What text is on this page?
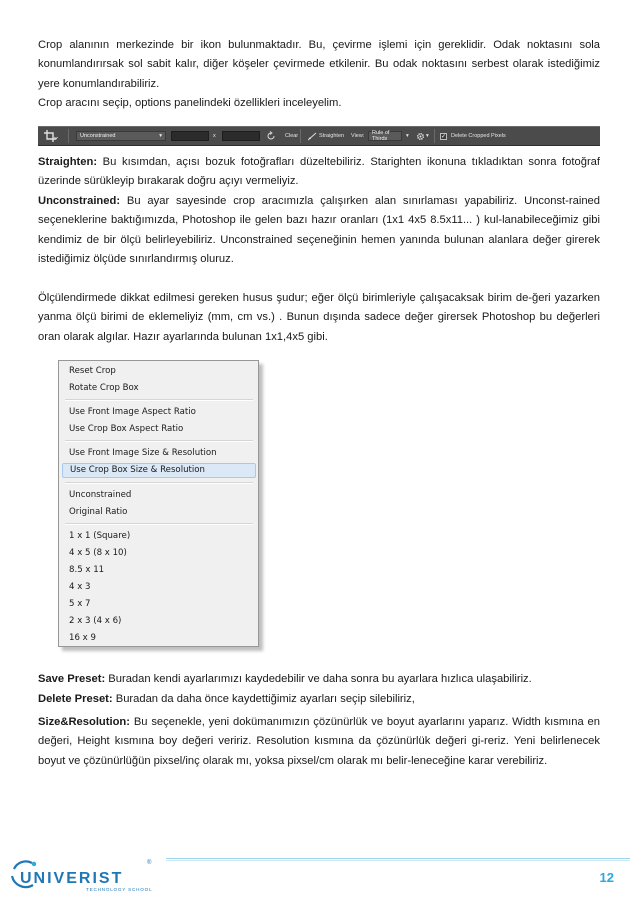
Crop alanının merkezinde bir ikon bulunmaktadır. Bu, çevirme işlemi için gereklidir. Odak noktasını sola konumlandırırsak sol sabit kalır, diğer köşeler çevirmede etkilenir. Bu odak noktasını serbest olarak istediğimiz yere konumlandırabiliriz.
Crop aracını seçip, options panelindeki özellikleri inceleyelim.
Unconstrained	▾	x	Clear	Straighten View: Rule of Thirds	▾	▾ ✓ Delete Cropped Pixels
Straighten: Bu kısımdan, açısı bozuk fotoğrafları düzeltebiliriz. Starighten ikonuna tıkladıktan sonra fotoğraf üzerinde sürükleyip bırakarak doğru açıyı vermeliyiz.
Unconstrained: Bu ayar sayesinde crop aracımızla çalışırken alan sınırlaması yapabiliriz. Unconst-rained seçeneklerine baktığımızda, Photoshop ile gelen bazı hazır oranları (1x1 4x5 8.5x11... ) kul-lanabileceğimiz gibi kendimiz de bir ölçü belirleyebiliriz. Unconstrained seçeneğinin hemen yanında bulunan alanlara değer girerek istediğimiz ölçüde sınırlandırmış oluruz.
Ölçülendirmede dikkat edilmesi gereken husus şudur; eğer ölçü birimleriyle çalışacaksak birim de-ğeri yazarken yanma ölçü birimi de eklemeliyiz (mm, cm vs.) . Bunun dışında sadece değer girersek Photoshop bu değerleri oran olarak algılar. Hazır ayarlarında bulunan 1x1,4x5 gibi.
Reset Crop
Rotate Crop Box
Use Front Image Aspect Ratio
Use Crop Box Aspect Ratio
Use Front Image Size & Resolution
Use Crop Box Size & Resolution
Unconstrained
Original Ratio
1 x 1 (Square)
4 x 5 (8 x 10)
8.5 x 11
4 x 3
5 x 7
2 x 3 (4 x 6)
16 x 9
Save Preset: Buradan kendi ayarlarımızı kaydedebilir ve daha sonra bu ayarlara hızlıca ulaşabiliriz.
Delete Preset: Buradan da daha önce kaydettiğimiz ayarları seçip silebiliriz,
Size&Resolution: Bu seçenekle, yeni dokümanımızın çözünürlük ve boyut ayarlarını yaparız. Width kısmına en değeri, Height kısmına boy değeri veririz. Resolution kısmına da çözünürlük değeri gi-reriz. Yeni belirlenecek boyut ve çözünürlüğün pixsel/inç olarak mı, yoksa pixsel/cm olarak mı belir-leneceğine karar verebiliriz.
UNIVERIST
TECHNOLOGY SCHOOL
®
12
